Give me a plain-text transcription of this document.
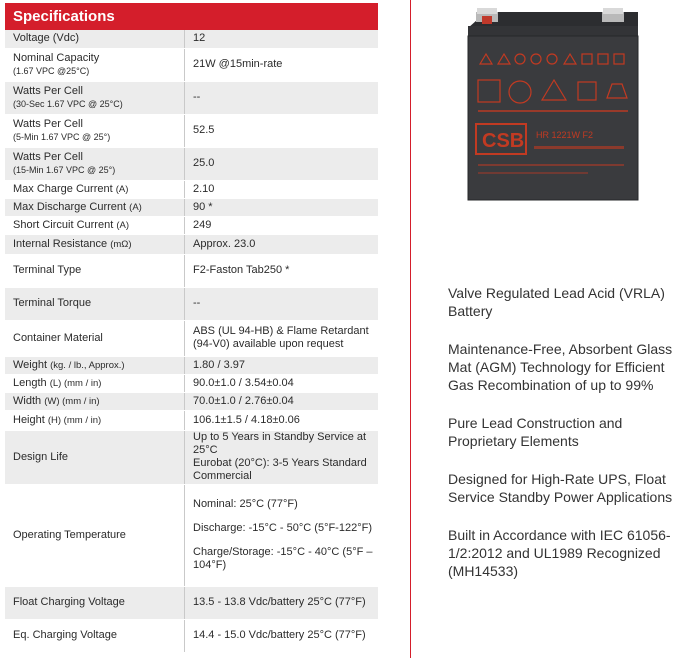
Specifications
Voltage (Vdc)	12

Nominal Capacity
(1.67 VPC @25°C)	21W @15min-rate

Watts Per Cell
(30-Sec 1.67 VPC @ 25°C)	--

Watts Per Cell
(5-Min 1.67 VPC @ 25°)	52.5

Watts Per Cell
(15-Min 1.67 VPC @ 25°)	25.0

Max Charge Current (A)	2.10

Max Discharge Current (A)	90 *

Short Circuit Current (A)	249

Internal Resistance (mΩ)	Approx. 23.0

Terminal Type	F2-Faston Tab250 *

Terminal Torque	--

Container Material	ABS (UL 94-HB) & Flame Retardant (94-V0) available upon request

Weight (kg. / lb., Approx.)	1.80 / 3.97

Length (L) (mm / in)	90.0±1.0 / 3.54±0.04

Width (W) (mm / in)	70.0±1.0 / 2.76±0.04

Height (H) (mm / in)	106.1±1.5 / 4.18±0.06

Design Life	Up to 5 Years in Standby Service at 25°C
Eurobat (20°C): 3-5 Years Standard Commercial

Operating Temperature	Nominal: 25°C (77°F)
Discharge: -15°C - 50°C (5°F-122°F)
Charge/Storage: -15°C - 40°C (5°F – 104°F)

Float Charging Voltage	13.5 - 13.8 Vdc/battery 25°C (77°F)

Eq. Charging Voltage	14.4 - 15.0 Vdc/battery 25°C (77°F)
CSB HR 1221W F2

Valve Regulated Lead Acid (VRLA) Battery

Maintenance-Free, Absorbent Glass Mat (AGM) Technology for Efficient Gas Recombination of up to 99%

Pure Lead Construction and Proprietary Elements

Designed for High-Rate UPS, Float Service Standby Power Applications

Built in Accordance with IEC 61056-1/2:2012 and UL1989 Recognized (MH14533)
